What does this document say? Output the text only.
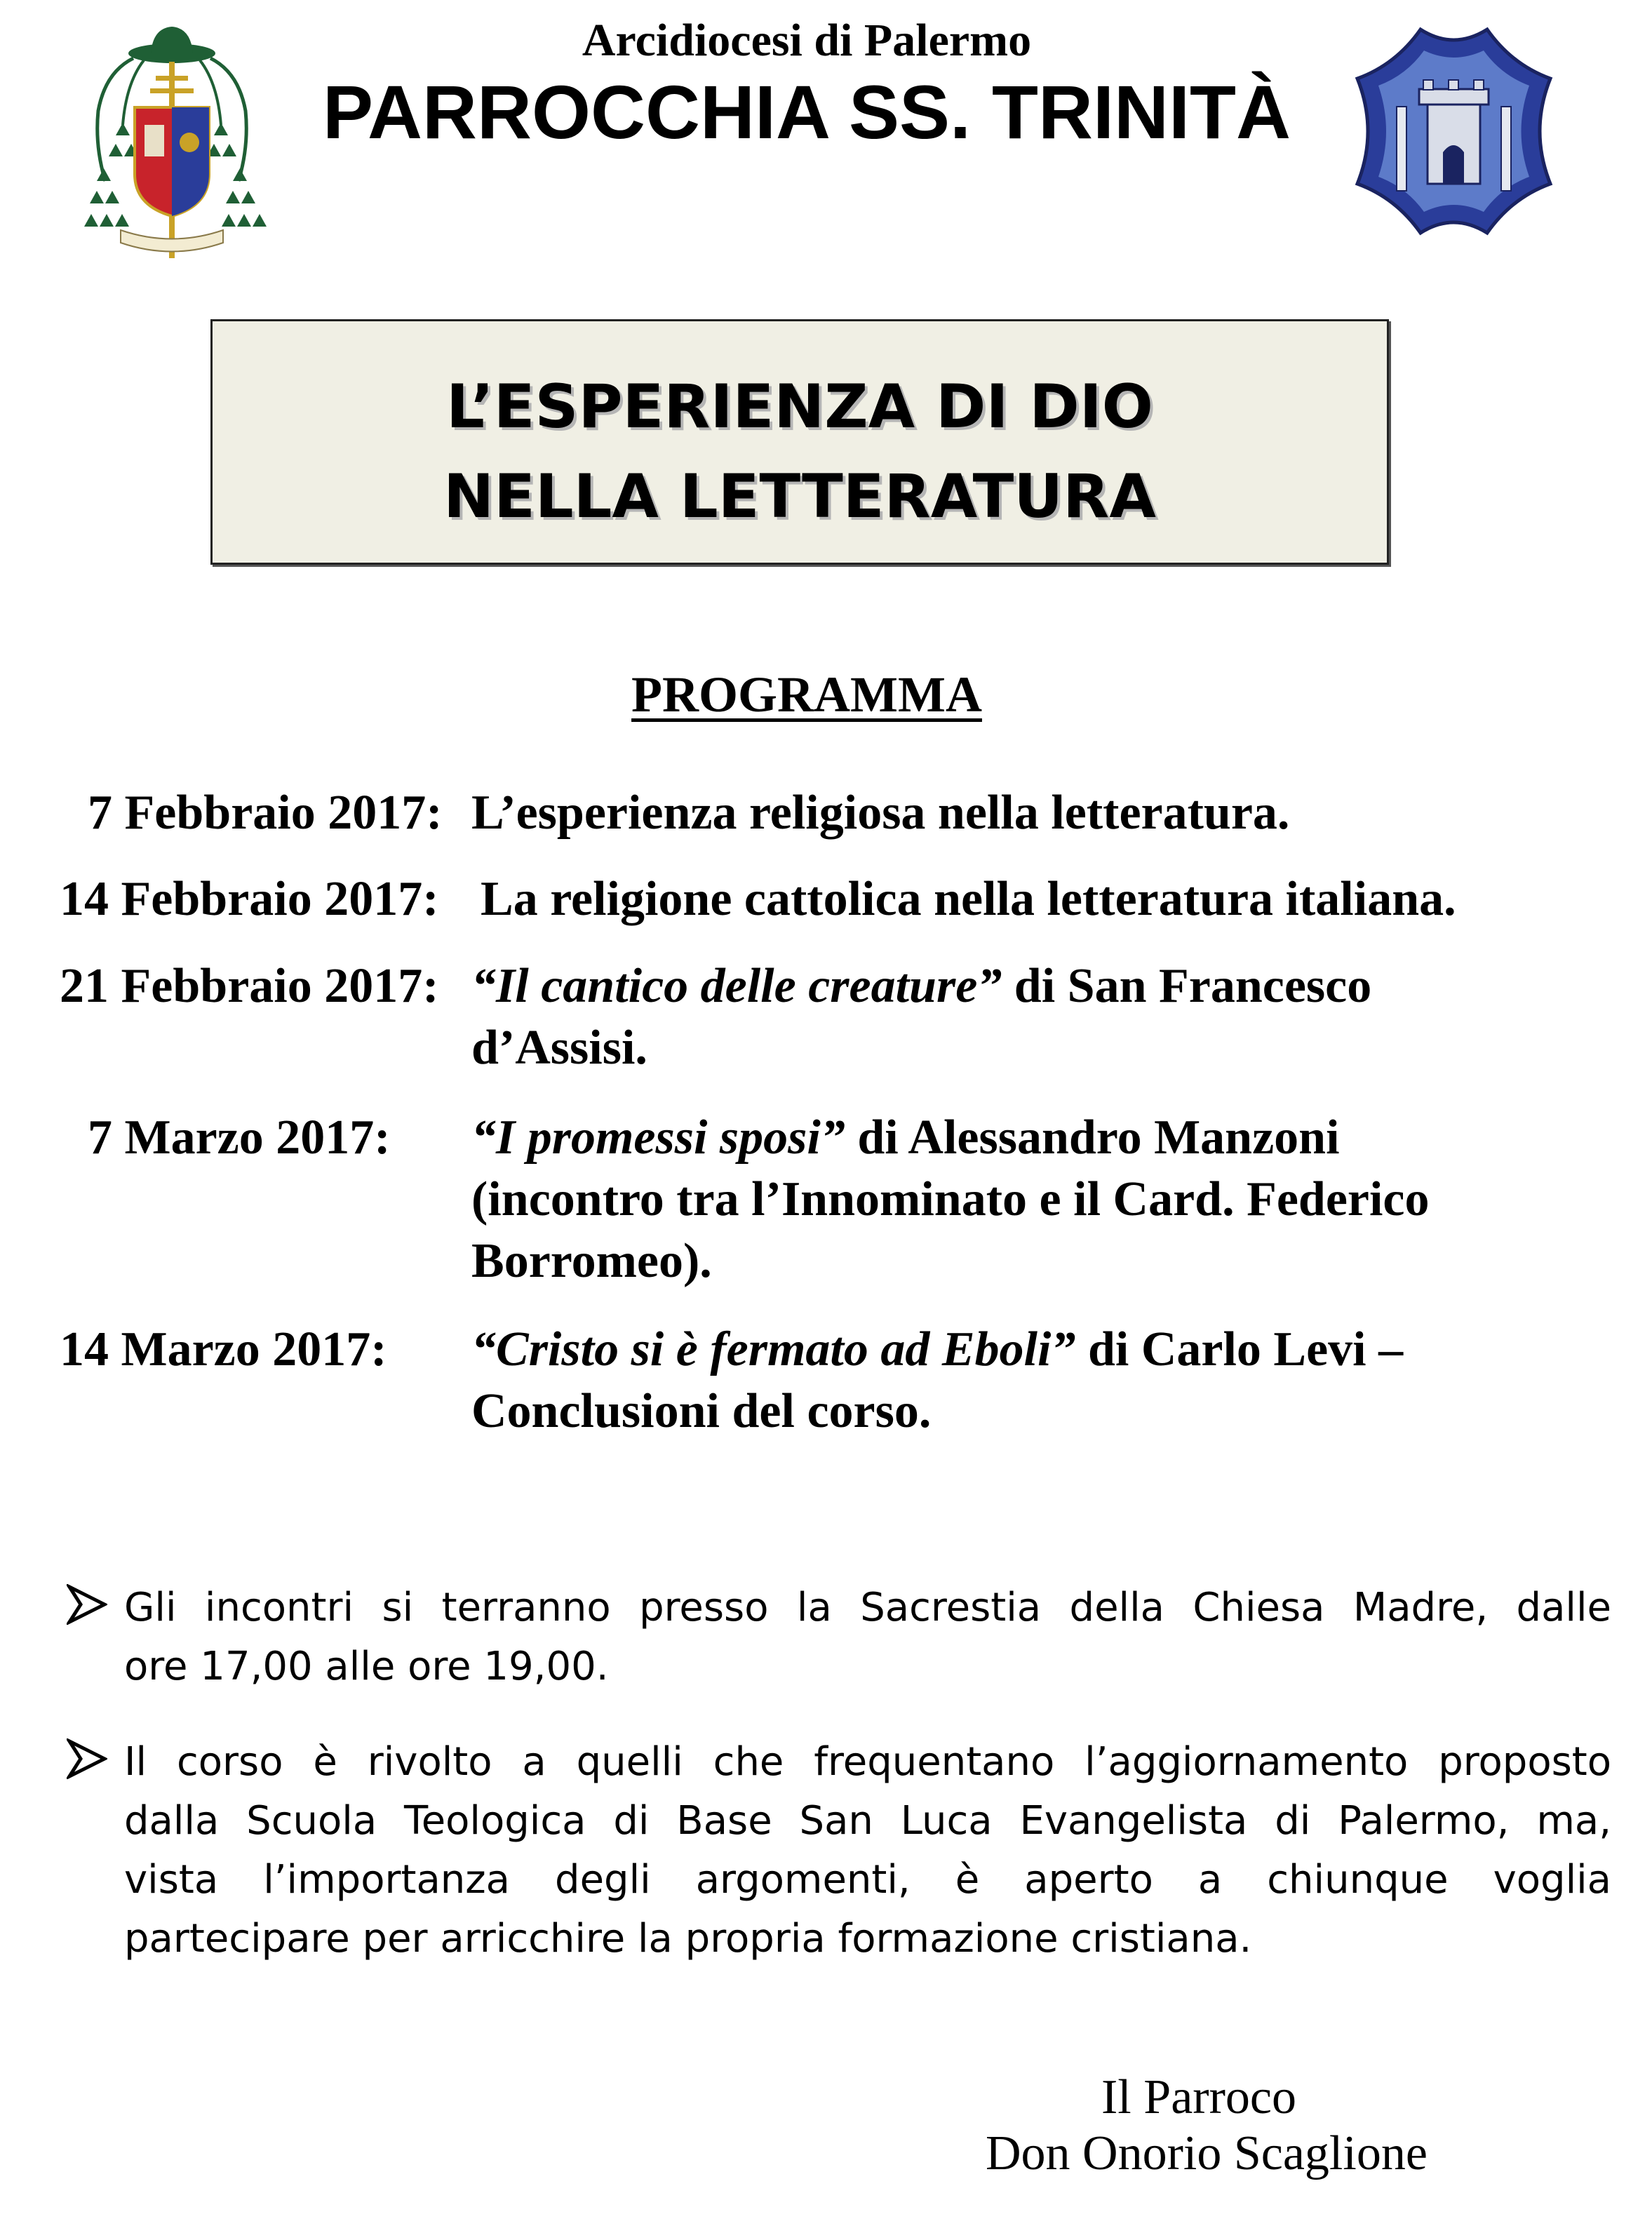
Arcidiocesi di Palermo
PARROCCHIA SS. TRINITÀ
L’ESPERIENZA DI DIO
NELLA LETTERATURA
PROGRAMMA
7 Febbraio 2017: L’esperienza religiosa nella letteratura.
14 Febbraio 2017: La religione cattolica nella letteratura italiana.
21 Febbraio 2017: “Il cantico delle creature” di San Francesco
d’Assisi.
7 Marzo 2017: “I promessi sposi” di Alessandro Manzoni
(incontro tra l’Innominato e il Card. Federico
Borromeo).
14 Marzo 2017: “Cristo si è fermato ad Eboli” di Carlo Levi –
Conclusioni del corso.
Gli incontri si terranno presso la Sacrestia della Chiesa Madre, dalle
ore 17,00 alle ore 19,00.
Il corso è rivolto a quelli che frequentano l’aggiornamento proposto
dalla Scuola Teologica di Base San Luca Evangelista di Palermo, ma,
vista l’importanza degli argomenti, è aperto a chiunque voglia
partecipare per arricchire la propria formazione cristiana.
Il Parroco
Don Onorio Scaglione
